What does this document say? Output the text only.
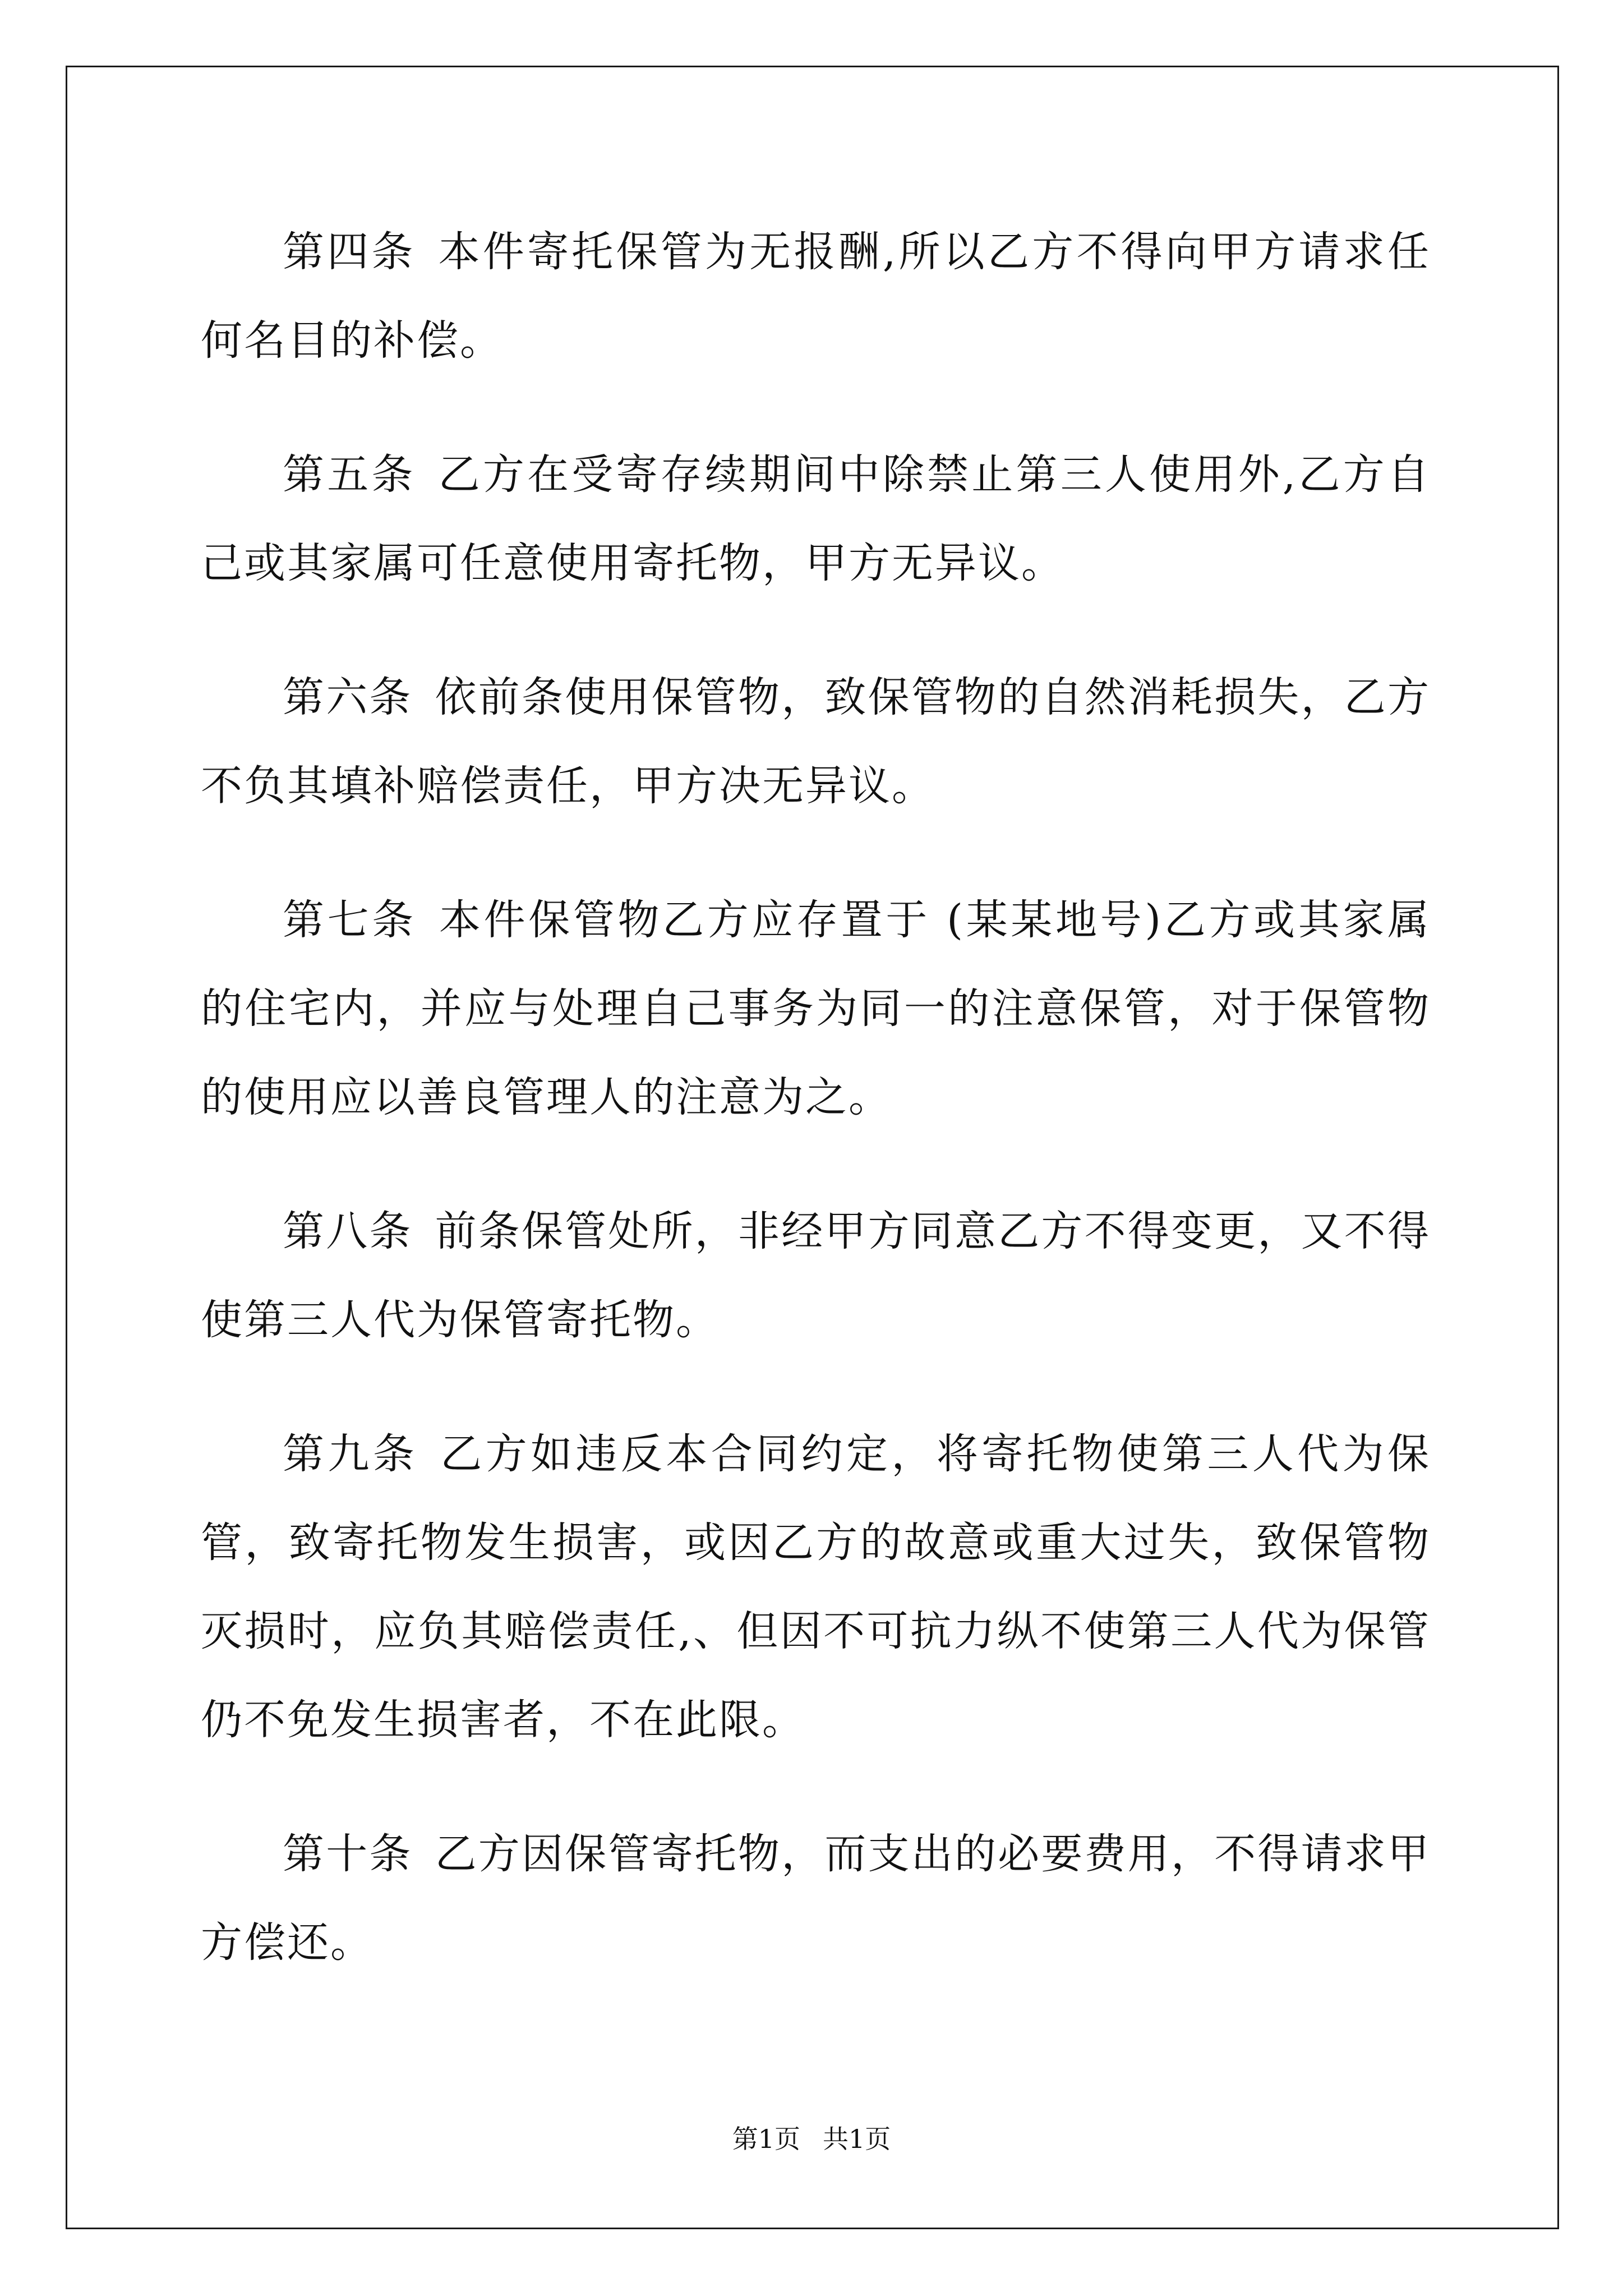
第四条 本件寄托保管为无报酬,所以乙方不得向甲方请求任何名目的补偿。

第五条 乙方在受寄存续期间中除禁止第三人使用外,乙方自己或其家属可任意使用寄托物，甲方无异议。

第六条 依前条使用保管物，致保管物的自然消耗损失，乙方不负其填补赔偿责任，甲方决无异议。

第七条 本件保管物乙方应存置于 (某某地号)乙方或其家属的住宅内，并应与处理自己事务为同一的注意保管，对于保管物的使用应以善良管理人的注意为之。

第八条 前条保管处所，非经甲方同意乙方不得变更，又不得使第三人代为保管寄托物。

第九条 乙方如违反本合同约定，将寄托物使第三人代为保管，致寄托物发生损害，或因乙方的故意或重大过失，致保管物灭损时，应负其赔偿责任,、但因不可抗力纵不使第三人代为保管仍不免发生损害者，不在此限。

第十条 乙方因保管寄托物，而支出的必要费用，不得请求甲方偿还。

第1页 共1页
